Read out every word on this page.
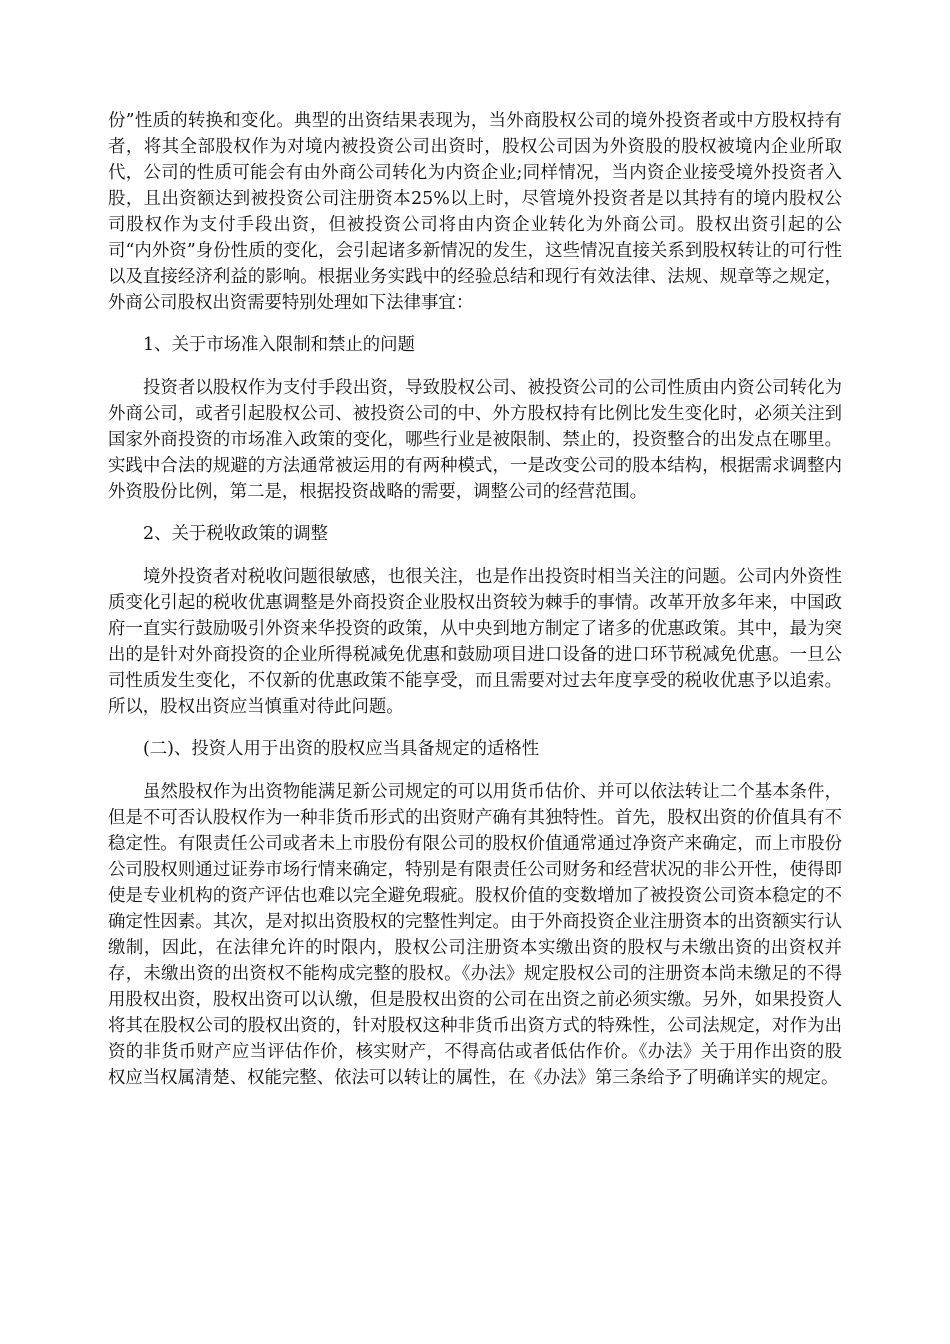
份”性质的转换和变化。典型的出资结果表现为，当外商股权公司的境外投资者或中方股权持有者，将其全部股权作为对境内被投资公司出资时，股权公司因为外资股的股权被境内企业所取代，公司的性质可能会有由外商公司转化为内资企业;同样情况，当内资企业接受境外投资者入股，且出资额达到被投资公司注册资本25%以上时，尽管境外投资者是以其持有的境内股权公司股权作为支付手段出资，但被投资公司将由内资企业转化为外商公司。股权出资引起的公司“内外资”身份性质的变化，会引起诸多新情况的发生，这些情况直接关系到股权转让的可行性以及直接经济利益的影响。根据业务实践中的经验总结和现行有效法律、法规、规章等之规定，外商公司股权出资需要特别处理如下法律事宜：

1、关于市场准入限制和禁止的问题

投资者以股权作为支付手段出资，导致股权公司、被投资公司的公司性质由内资公司转化为外商公司，或者引起股权公司、被投资公司的中、外方股权持有比例比发生变化时，必须关注到国家外商投资的市场准入政策的变化，哪些行业是被限制、禁止的，投资整合的出发点在哪里。实践中合法的规避的方法通常被运用的有两种模式，一是改变公司的股本结构，根据需求调整内外资股份比例，第二是，根据投资战略的需要，调整公司的经营范围。

2、关于税收政策的调整

境外投资者对税收问题很敏感，也很关注，也是作出投资时相当关注的问题。公司内外资性质变化引起的税收优惠调整是外商投资企业股权出资较为棘手的事情。改革开放多年来，中国政府一直实行鼓励吸引外资来华投资的政策，从中央到地方制定了诸多的优惠政策。其中，最为突出的是针对外商投资的企业所得税减免优惠和鼓励项目进口设备的进口环节税减免优惠。一旦公司性质发生变化，不仅新的优惠政策不能享受，而且需要对过去年度享受的税收优惠予以追索。所以，股权出资应当慎重对待此问题。

(二)、投资人用于出资的股权应当具备规定的适格性

虽然股权作为出资物能满足新公司规定的可以用货币估价、并可以依法转让二个基本条件，但是不可否认股权作为一种非货币形式的出资财产确有其独特性。首先，股权出资的价值具有不稳定性。有限责任公司或者未上市股份有限公司的股权价值通常通过净资产来确定，而上市股份公司股权则通过证券市场行情来确定，特别是有限责任公司财务和经营状况的非公开性，使得即使是专业机构的资产评估也难以完全避免瑕疵。股权价值的变数增加了被投资公司资本稳定的不确定性因素。其次，是对拟出资股权的完整性判定。由于外商投资企业注册资本的出资额实行认缴制，因此，在法律允许的时限内，股权公司注册资本实缴出资的股权与未缴出资的出资权并存，未缴出资的出资权不能构成完整的股权。《办法》规定股权公司的注册资本尚未缴足的不得用股权出资，股权出资可以认缴，但是股权出资的公司在出资之前必须实缴。另外，如果投资人将其在股权公司的股权出资的，针对股权这种非货币出资方式的特殊性，公司法规定，对作为出资的非货币财产应当评估作价，核实财产，不得高估或者低估作价。《办法》关于用作出资的股权应当权属清楚、权能完整、依法可以转让的属性，在《办法》第三条给予了明确详实的规定。
